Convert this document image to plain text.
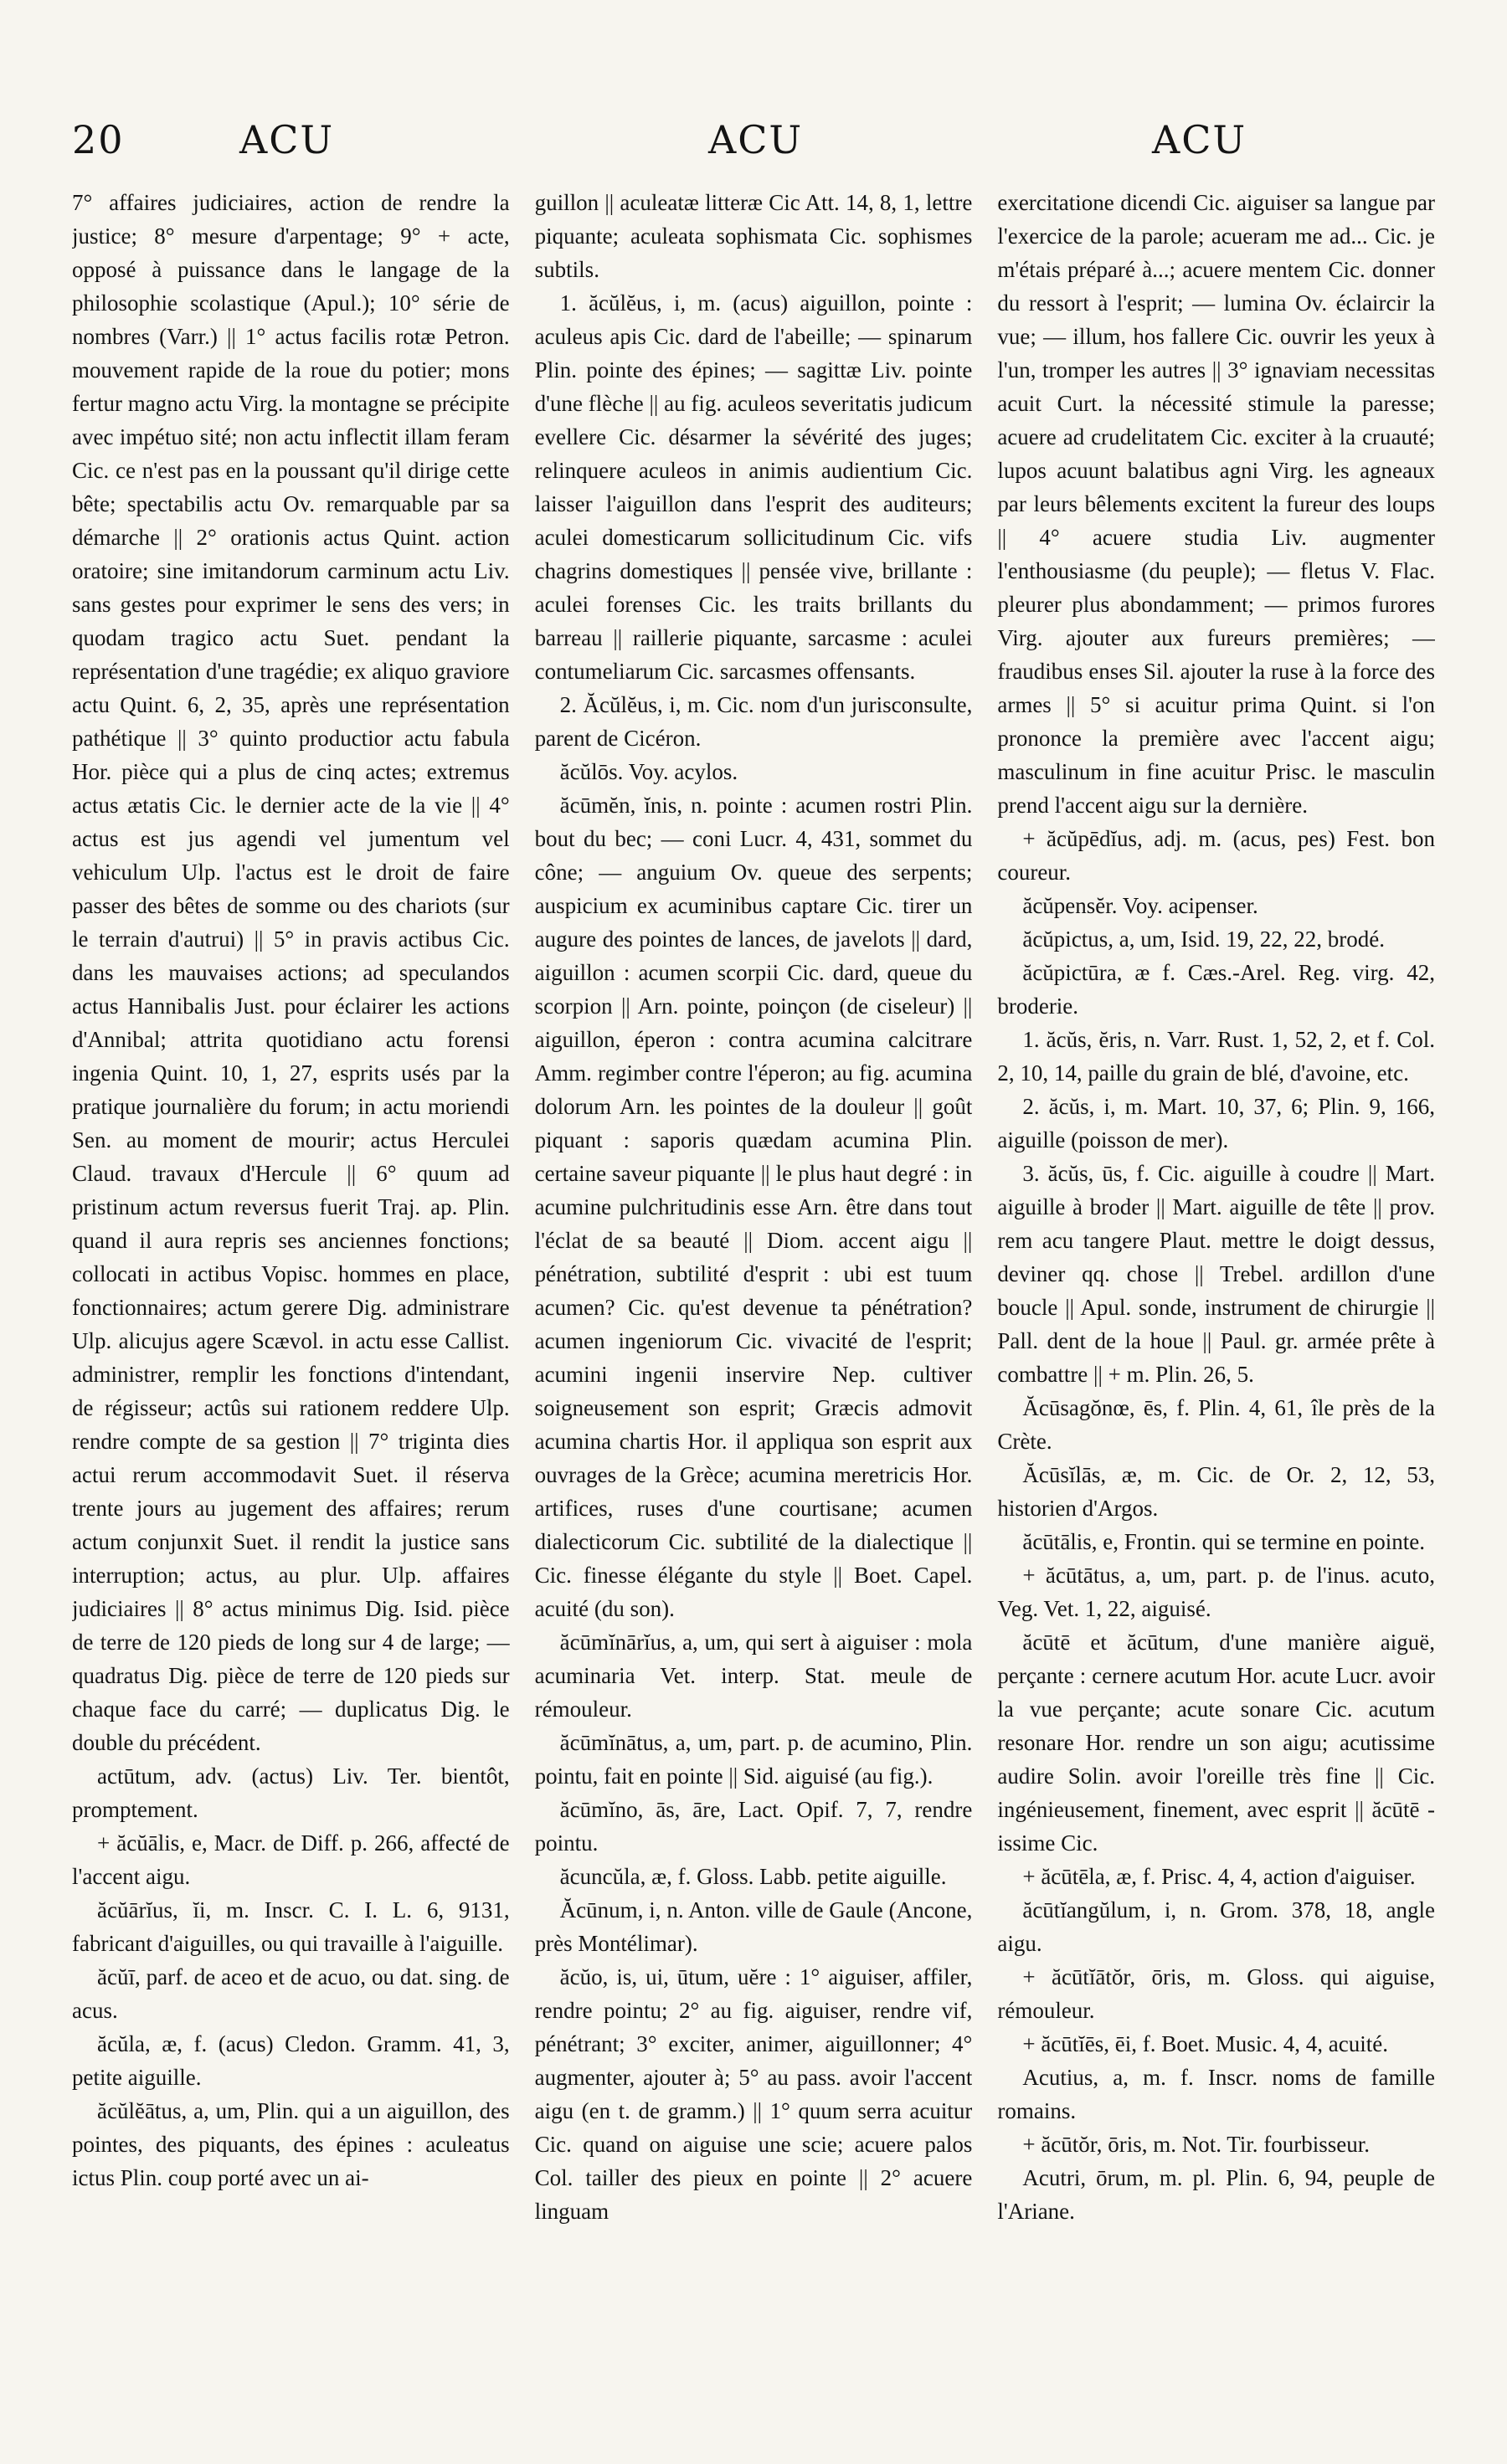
20	ACU	ACU	ACU

7° affaires judiciaires, action de rendre la justice; 8° mesure d'arpentage; 9° + acte, opposé à puissance dans le langage de la philosophie scolastique (Apul.); 10° série de nombres (Varr.) || 1° actus facilis rotæ Petron. mouvement rapide de la roue du potier; mons fertur magno actu Virg. la montagne se précipite avec impétuo sité; non actu inflectit illam feram Cic. ce n'est pas en la poussant qu'il dirige cette bête; spectabilis actu Ov. remarquable par sa démarche || 2° orationis actus Quint. action oratoire; sine imitandorum carminum actu Liv. sans gestes pour exprimer le sens des vers; in quodam tragico actu Suet. pendant la représentation d'une tragédie; ex aliquo graviore actu Quint. 6, 2, 35, après une représentation pathétique || 3° quinto productior actu fabula Hor. pièce qui a plus de cinq actes; extremus actus ætatis Cic. le dernier acte de la vie || 4° actus est jus agendi vel jumentum vel vehiculum Ulp. l'actus est le droit de faire passer des bêtes de somme ou des chariots (sur le terrain d'autrui) || 5° in pravis actibus Cic. dans les mauvaises actions; ad speculandos actus Hannibalis Just. pour éclairer les actions d'Annibal; attrita quotidiano actu forensi ingenia Quint. 10, 1, 27, esprits usés par la pratique journalière du forum; in actu moriendi Sen. au moment de mourir; actus Herculei Claud. travaux d'Hercule || 6° quum ad pristinum actum reversus fuerit Traj. ap. Plin. quand il aura repris ses anciennes fonctions; collocati in actibus Vopisc. hommes en place, fonctionnaires; actum gerere Dig. administrare Ulp. alicujus agere Scævol. in actu esse Callist. administrer, remplir les fonctions d'intendant, de régisseur; actûs sui rationem reddere Ulp. rendre compte de sa gestion || 7° triginta dies actui rerum accommodavit Suet. il réserva trente jours au jugement des affaires; rerum actum conjunxit Suet. il rendit la justice sans interruption; actus, au plur. Ulp. affaires judiciaires || 8° actus minimus Dig. Isid. pièce de terre de 120 pieds de long sur 4 de large; — quadratus Dig. pièce de terre de 120 pieds sur chaque face du carré; — duplicatus Dig. le double du précédent.

actūtum, adv. (actus) Liv. Ter. bientôt, promptement.

+ ăcŭālis, e, Macr. de Diff. p. 266, affecté de l'accent aigu.

ăcŭārĭus, ĭi, m. Inscr. C. I. L. 6, 9131, fabricant d'aiguilles, ou qui travaille à l'aiguille.

ăcŭī, parf. de aceo et de acuo, ou dat. sing. de acus.

ăcŭla, æ, f. (acus) Cledon. Gramm. 41, 3, petite aiguille.

ăcŭlĕātus, a, um, Plin. qui a un aiguillon, des pointes, des piquants, des épines : aculeatus ictus Plin. coup porté avec un ai-

guillon || aculeatæ litteræ Cic Att. 14, 8, 1, lettre piquante; aculeata sophismata Cic. sophismes subtils.

1. ăcŭlĕus, i, m. (acus) aiguillon, pointe : aculeus apis Cic. dard de l'abeille; — spinarum Plin. pointe des épines; — sagittæ Liv. pointe d'une flèche || au fig. aculeos severitatis judicum evellere Cic. désarmer la sévérité des juges; relinquere aculeos in animis audientium Cic. laisser l'aiguillon dans l'esprit des auditeurs; aculei domesticarum sollicitudinum Cic. vifs chagrins domestiques || pensée vive, brillante : aculei forenses Cic. les traits brillants du barreau || raillerie piquante, sarcasme : aculei contumeliarum Cic. sarcasmes offensants.

2. Ăcŭlĕus, i, m. Cic. nom d'un jurisconsulte, parent de Cicéron.

ăcŭlōs. Voy. acylos.

ăcūmĕn, ĭnis, n. pointe : acumen rostri Plin. bout du bec; — coni Lucr. 4, 431, sommet du cône; — anguium Ov. queue des serpents; auspicium ex acuminibus captare Cic. tirer un augure des pointes de lances, de javelots || dard, aiguillon : acumen scorpii Cic. dard, queue du scorpion || Arn. pointe, poinçon (de ciseleur) || aiguillon, éperon : contra acumina calcitrare Amm. regimber contre l'éperon; au fig. acumina dolorum Arn. les pointes de la douleur || goût piquant : saporis quædam acumina Plin. certaine saveur piquante || le plus haut degré : in acumine pulchritudinis esse Arn. être dans tout l'éclat de sa beauté || Diom. accent aigu || pénétration, subtilité d'esprit : ubi est tuum acumen? Cic. qu'est devenue ta pénétration? acumen ingeniorum Cic. vivacité de l'esprit; acumini ingenii inservire Nep. cultiver soigneusement son esprit; Græcis admovit acumina chartis Hor. il appliqua son esprit aux ouvrages de la Grèce; acumina meretricis Hor. artifices, ruses d'une courtisane; acumen dialecticorum Cic. subtilité de la dialectique || Cic. finesse élégante du style || Boet. Capel. acuité (du son).

ăcūmĭnārĭus, a, um, qui sert à aiguiser : mola acuminaria Vet. interp. Stat. meule de rémouleur.

ăcūmĭnātus, a, um, part. p. de acumino, Plin. pointu, fait en pointe || Sid. aiguisé (au fig.).

ăcūmĭno, ās, āre, Lact. Opif. 7, 7, rendre pointu.

ăcuncŭla, æ, f. Gloss. Labb. petite aiguille.

Ăcūnum, i, n. Anton. ville de Gaule (Ancone, près Montélimar).

ăcŭo, is, ui, ūtum, uĕre : 1° aiguiser, affiler, rendre pointu; 2° au fig. aiguiser, rendre vif, pénétrant; 3° exciter, animer, aiguillonner; 4° augmenter, ajouter à; 5° au pass. avoir l'accent aigu (en t. de gramm.) || 1° quum serra acuitur Cic. quand on aiguise une scie; acuere palos Col. tailler des pieux en pointe || 2° acuere linguam

exercitatione dicendi Cic. aiguiser sa langue par l'exercice de la parole; acueram me ad... Cic. je m'étais préparé à...; acuere mentem Cic. donner du ressort à l'esprit; — lumina Ov. éclaircir la vue; — illum, hos fallere Cic. ouvrir les yeux à l'un, tromper les autres || 3° ignaviam necessitas acuit Curt. la nécessité stimule la paresse; acuere ad crudelitatem Cic. exciter à la cruauté; lupos acuunt balatibus agni Virg. les agneaux par leurs bêlements excitent la fureur des loups || 4° acuere studia Liv. augmenter l'enthousiasme (du peuple); — fletus V. Flac. pleurer plus abondamment; — primos furores Virg. ajouter aux fureurs premières; — fraudibus enses Sil. ajouter la ruse à la force des armes || 5° si acuitur prima Quint. si l'on prononce la première avec l'accent aigu; masculinum in fine acuitur Prisc. le masculin prend l'accent aigu sur la dernière.

+ ăcŭpēdĭus, adj. m. (acus, pes) Fest. bon coureur.

ăcŭpensĕr. Voy. acipenser.

ăcŭpictus, a, um, Isid. 19, 22, 22, brodé.

ăcŭpictūra, æ f. Cæs.-Arel. Reg. virg. 42, broderie.

1. ăcŭs, ĕris, n. Varr. Rust. 1, 52, 2, et f. Col. 2, 10, 14, paille du grain de blé, d'avoine, etc.

2. ăcŭs, i, m. Mart. 10, 37, 6; Plin. 9, 166, aiguille (poisson de mer).

3. ăcŭs, ūs, f. Cic. aiguille à coudre || Mart. aiguille à broder || Mart. aiguille de tête || prov. rem acu tangere Plaut. mettre le doigt dessus, deviner qq. chose || Trebel. ardillon d'une boucle || Apul. sonde, instrument de chirurgie || Pall. dent de la houe || Paul. gr. armée prête à combattre || + m. Plin. 26, 5.

Ăcūsagŏnœ, ēs, f. Plin. 4, 61, île près de la Crète.

Ăcūsĭlās, æ, m. Cic. de Or. 2, 12, 53, historien d'Argos.

ăcūtālis, e, Frontin. qui se termine en pointe.

+ ăcūtātus, a, um, part. p. de l'inus. acuto, Veg. Vet. 1, 22, aiguisé.

ăcūtē et ăcūtum, d'une manière aiguë, perçante : cernere acutum Hor. acute Lucr. avoir la vue perçante; acute sonare Cic. acutum resonare Hor. rendre un son aigu; acutissime audire Solin. avoir l'oreille très fine || Cic. ingénieusement, finement, avec esprit || ăcūtē -issime Cic.

+ ăcūtēla, æ, f. Prisc. 4, 4, action d'aiguiser.

ăcūtĭangŭlum, i, n. Grom. 378, 18, angle aigu.

+ ăcūtĭātŏr, ōris, m. Gloss. qui aiguise, rémouleur.

+ ăcūtĭēs, ēi, f. Boet. Music. 4, 4, acuité.

Acutius, a, m. f. Inscr. noms de famille romains.

+ ăcūtŏr, ōris, m. Not. Tir. fourbisseur.

Acutri, ōrum, m. pl. Plin. 6, 94, peuple de l'Ariane.
